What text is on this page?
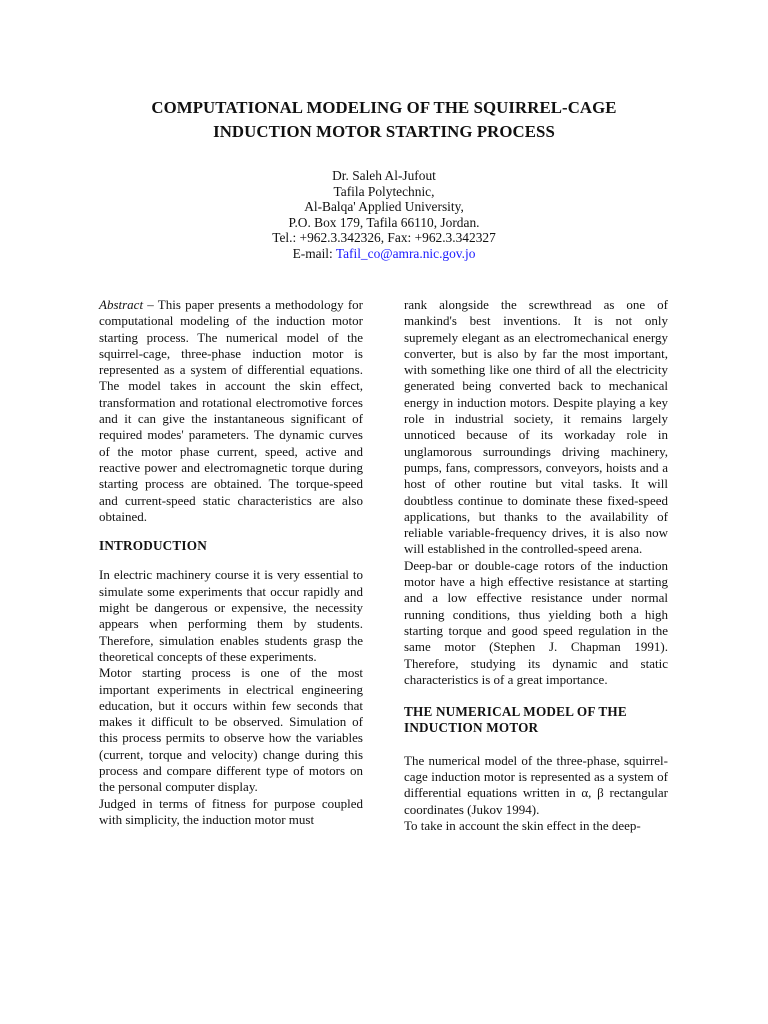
COMPUTATIONAL MODELING OF THE SQUIRREL-CAGE
INDUCTION MOTOR STARTING PROCESS
Dr. Saleh Al-Jufout
Tafila Polytechnic,
Al-Balqa' Applied University,
P.O. Box 179, Tafila 66110, Jordan.
Tel.: +962.3.342326, Fax: +962.3.342327
E-mail: Tafil_co@amra.nic.gov.jo

Abstract – This paper presents a methodology for computational modeling of the induction motor starting process. The numerical model of the squirrel-cage, three-phase induction motor is represented as a system of differential equations. The model takes in account the skin effect, transformation and rotational electromotive forces and it can give the instantaneous significant of required modes' parameters. The dynamic curves of the motor phase current, speed, active and reactive power and electromagnetic torque during starting process are obtained. The torque-speed and current-speed static characteristics are also obtained.

INTRODUCTION

In electric machinery course it is very essential to simulate some experiments that occur rapidly and might be dangerous or expensive, the necessity appears when performing them by students. Therefore, simulation enables students grasp the theoretical concepts of these experiments.

Motor starting process is one of the most important experiments in electrical engineering education, but it occurs within few seconds that makes it difficult to be observed. Simulation of this process permits to observe how the variables (current, torque and velocity) change during this process and compare different type of motors on the personal computer display.

Judged in terms of fitness for purpose coupled with simplicity, the induction motor must

rank alongside the screwthread as one of mankind's best inventions. It is not only supremely elegant as an electromechanical energy converter, but is also by far the most important, with something like one third of all the electricity generated being converted back to mechanical energy in induction motors. Despite playing a key role in industrial society, it remains largely unnoticed because of its workaday role in unglamorous surroundings driving machinery, pumps, fans, compressors, conveyors, hoists and a host of other routine but vital tasks. It will doubtless continue to dominate these fixed-speed applications, but thanks to the availability of reliable variable-frequency drives, it is also now will established in the controlled-speed arena.

Deep-bar or double-cage rotors of the induction motor have a high effective resistance at starting and a low effective resistance under normal running conditions, thus yielding both a high starting torque and good speed regulation in the same motor (Stephen J. Chapman 1991). Therefore, studying its dynamic and static characteristics is of a great importance.

THE NUMERICAL MODEL OF THE
INDUCTION MOTOR

The numerical model of the three-phase, squirrel-cage induction motor is represented as a system of differential equations written in α, β rectangular coordinates (Jukov 1994).

To take in account the skin effect in the deep-
